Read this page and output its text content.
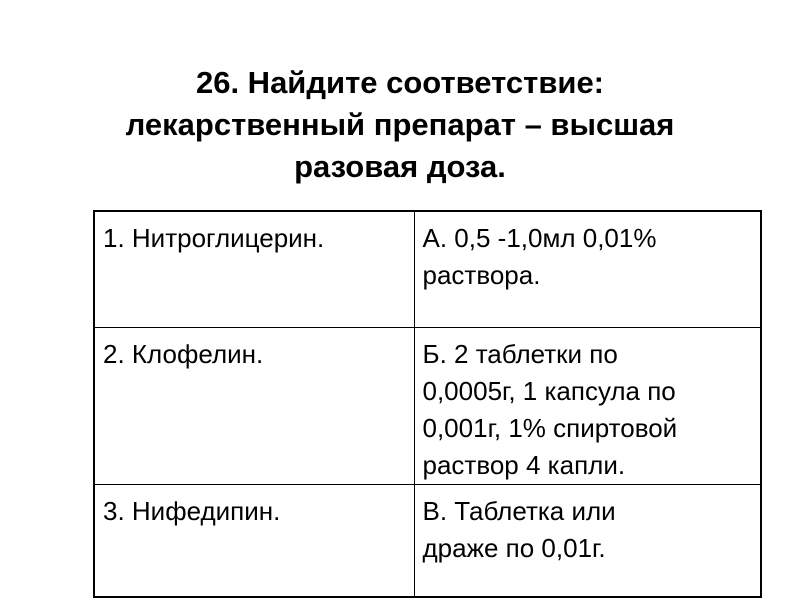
26. Найдите соответствие:
лекарственный препарат – высшая
разовая доза.
1. Нитроглицерин.	А. 0,5 -1,0мл 0,01%
раствора.

2. Клофелин.	Б. 2 таблетки по
0,0005г, 1 капсула по
0,001г, 1% спиртовой
раствор 4 капли.

3. Нифедипин.	В. Таблетка или
драже по 0,01г.
